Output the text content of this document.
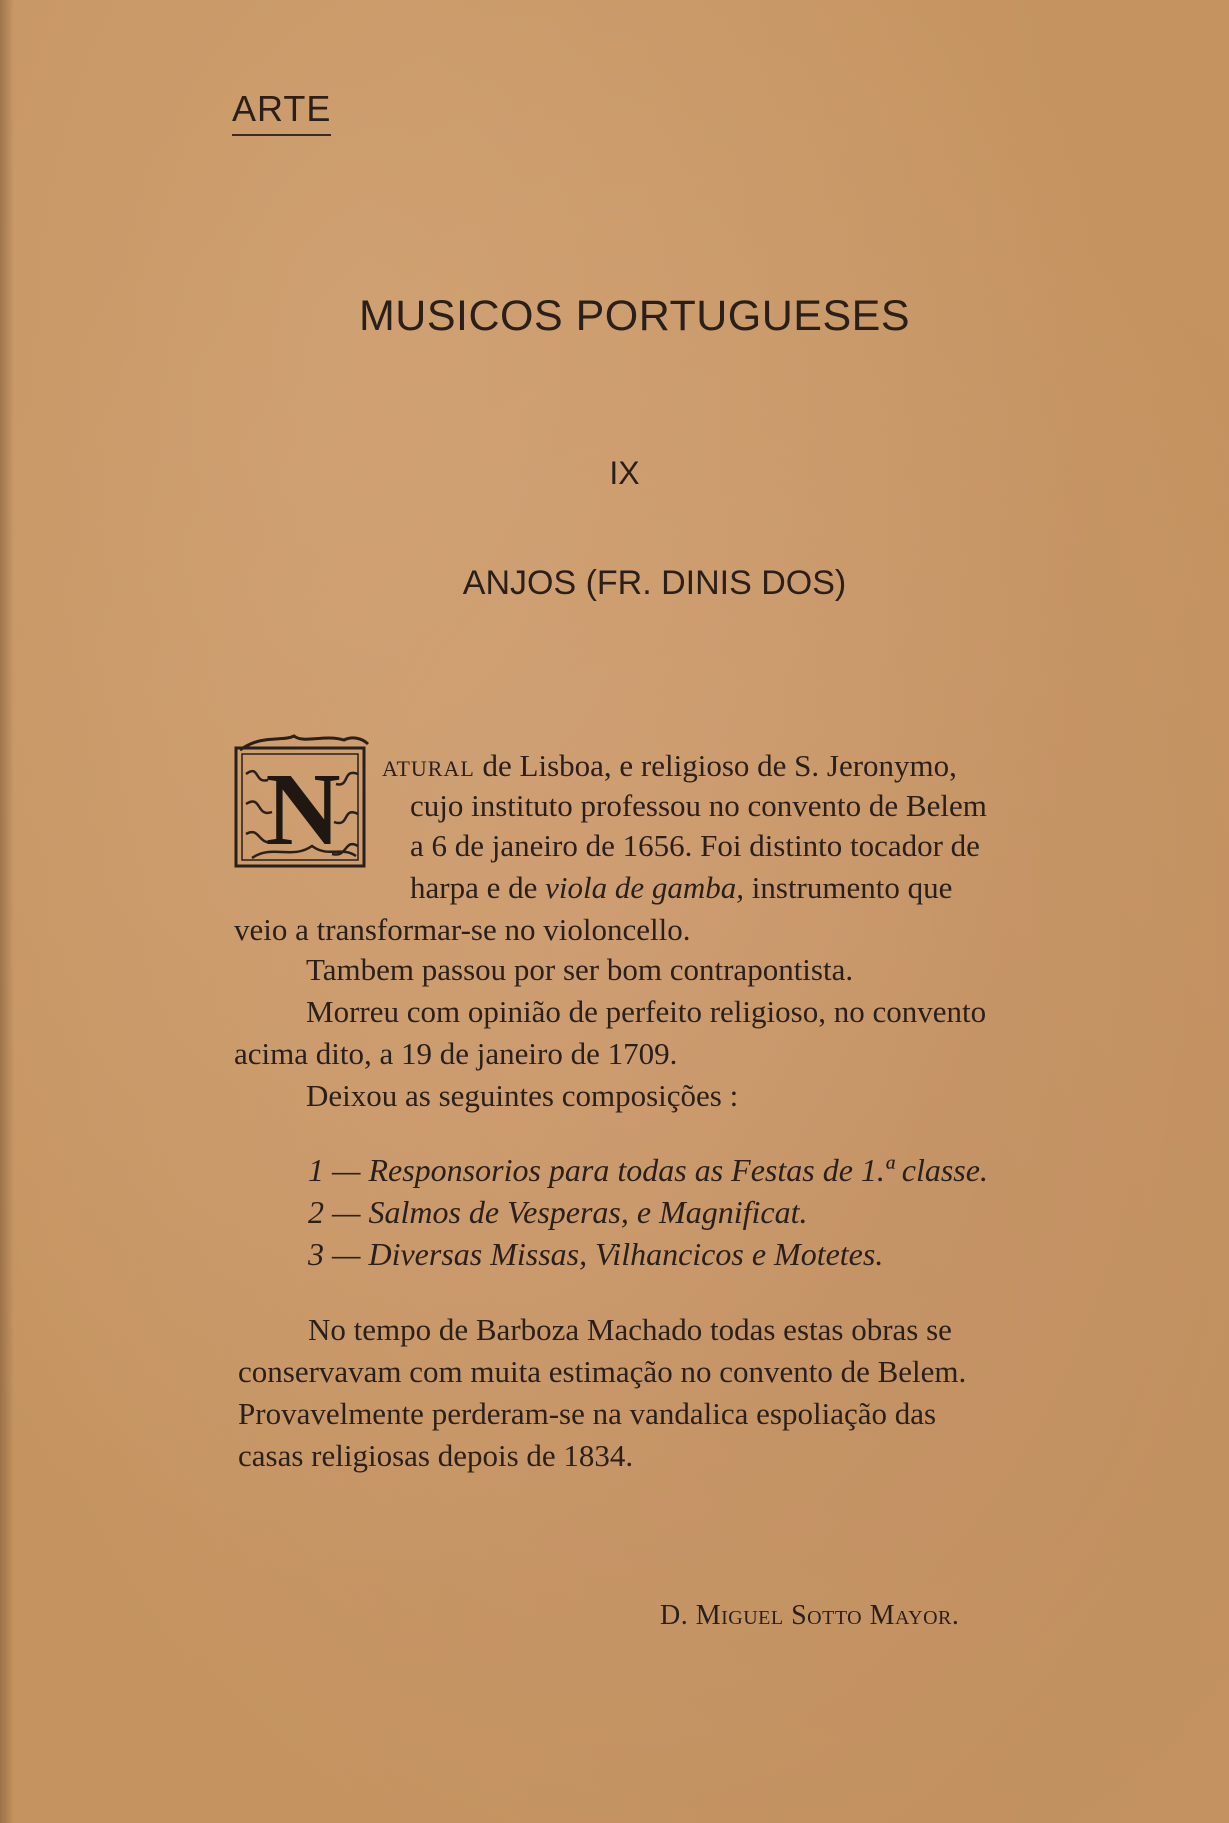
ARTE
MUSICOS PORTUGUESES
IX
ANJOS (FR. DINIS DOS)
N atural de Lisboa, e religioso de S. Jeronymo,
cujo instituto professou no convento de Belem
a 6 de janeiro de 1656. Foi distinto tocador de
harpa e de viola de gamba, instrumento que
veio a transformar-se no violoncello.
Tambem passou por ser bom contrapontista.
Morreu com opinião de perfeito religioso, no convento
acima dito, a 19 de janeiro de 1709.
Deixou as seguintes composições :
1 — Responsorios para todas as Festas de 1.ª classe.
2 — Salmos de Vesperas, e Magnificat.
3 — Diversas Missas, Vilhancicos e Motetes.
No tempo de Barboza Machado todas estas obras se
conservavam com muita estimação no convento de Belem.
Provavelmente perderam-se na vandalica espoliação das
casas religiosas depois de 1834.
D. Miguel Sotto Mayor.
